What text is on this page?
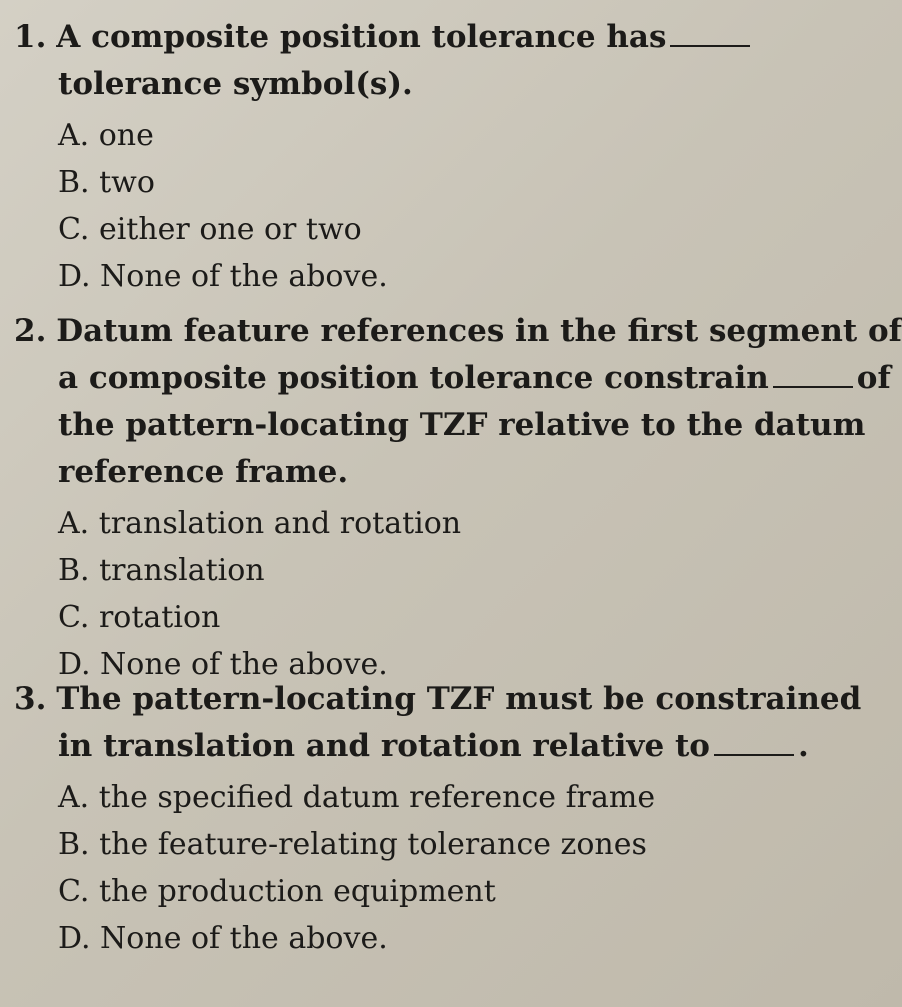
1. A composite position tolerance has
tolerance symbol(s).
A. one
B. two
C. either one or two
D. None of the above.
2. Datum feature references in the first segment of
a composite position tolerance constrain	of
the pattern-locating TZF relative to the datum
reference frame.
A. translation and rotation
B. translation
C. rotation
D. None of the above.
3. The pattern-locating TZF must be constrained
in translation and rotation relative to	.
A. the specified datum reference frame
B. the feature-relating tolerance zones
C. the production equipment
D. None of the above.
